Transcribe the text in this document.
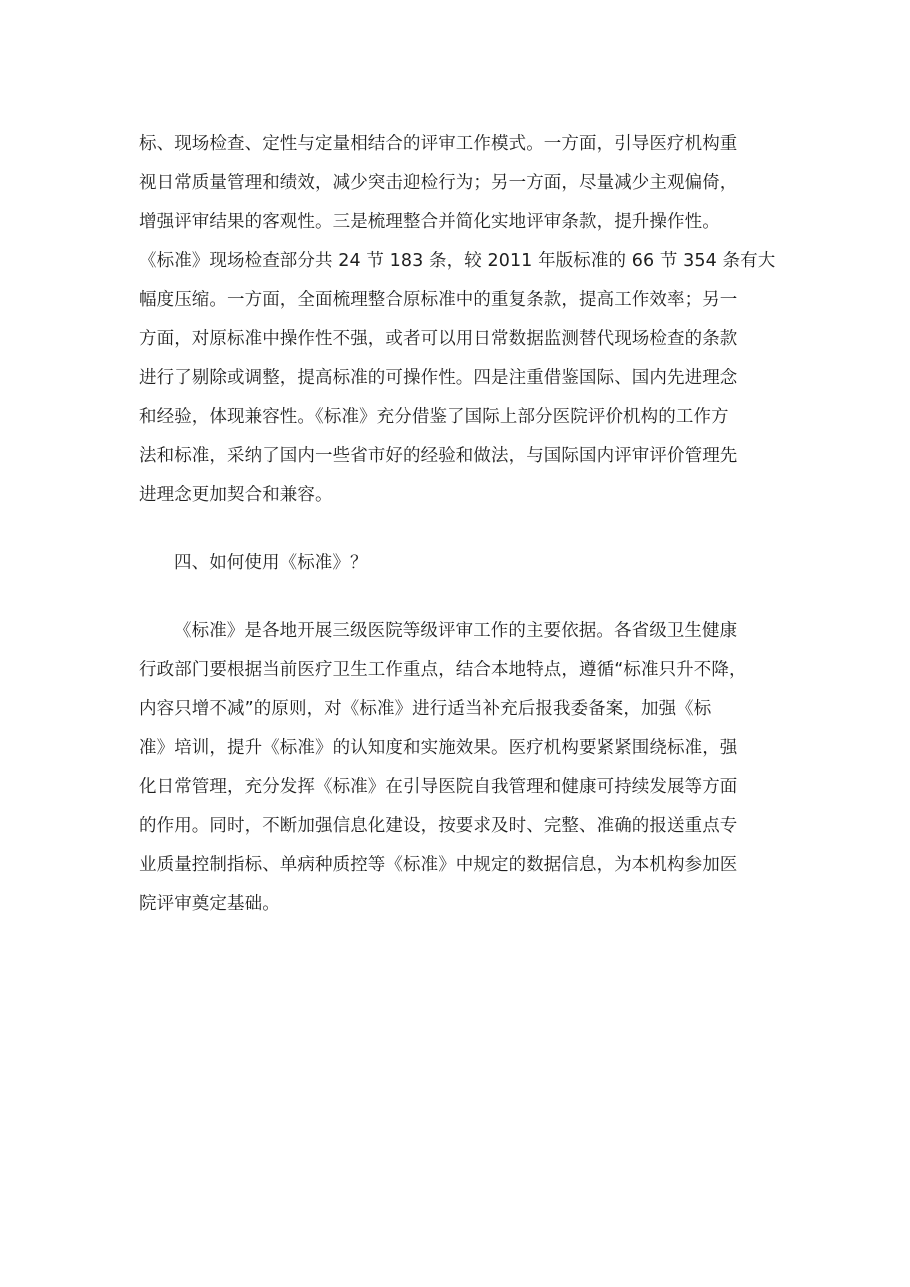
标、现场检查、定性与定量相结合的评审工作模式。一方面，引导医疗机构重
视日常质量管理和绩效，减少突击迎检行为；另一方面，尽量减少主观偏倚，
增强评审结果的客观性。三是梳理整合并简化实地评审条款，提升操作性。
《标准》现场检查部分共 24 节 183 条，较 2011 年版标准的 66 节 354 条有大
幅度压缩。一方面，全面梳理整合原标准中的重复条款，提高工作效率；另一
方面，对原标准中操作性不强，或者可以用日常数据监测替代现场检查的条款
进行了剔除或调整，提高标准的可操作性。四是注重借鉴国际、国内先进理念
和经验，体现兼容性。《标准》充分借鉴了国际上部分医院评价机构的工作方
法和标准，采纳了国内一些省市好的经验和做法，与国际国内评审评价管理先
进理念更加契合和兼容。
四、如何使用《标准》？
《标准》是各地开展三级医院等级评审工作的主要依据。各省级卫生健康
行政部门要根据当前医疗卫生工作重点，结合本地特点，遵循“标准只升不降，
内容只增不减”的原则，对《标准》进行适当补充后报我委备案，加强《标
准》培训，提升《标准》的认知度和实施效果。医疗机构要紧紧围绕标准，强
化日常管理，充分发挥《标准》在引导医院自我管理和健康可持续发展等方面
的作用。同时，不断加强信息化建设，按要求及时、完整、准确的报送重点专
业质量控制指标、单病种质控等《标准》中规定的数据信息，为本机构参加医
院评审奠定基础。
